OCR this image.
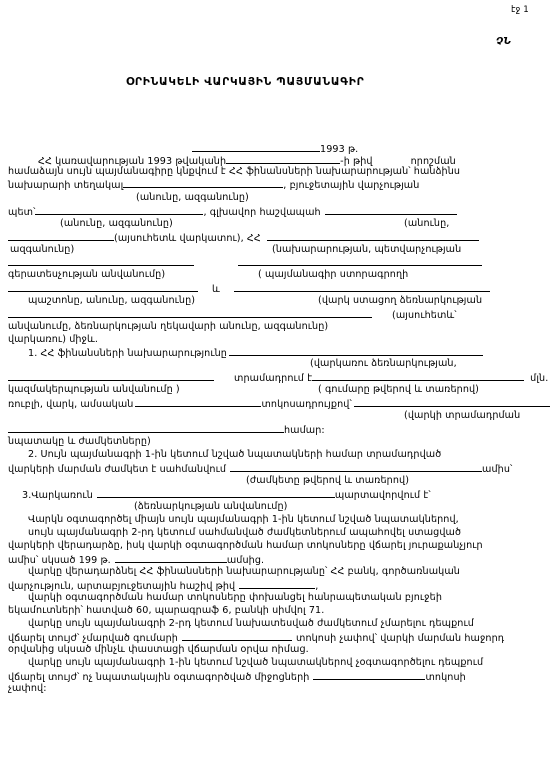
էջ 1
ՉՆ
ՕՐԻՆԱԿԵԼԻ ՎԱՐԿԱՅԻՆ ՊԱՅՄԱՆԱԳԻՐ
1993 թ.
ՀՀ կառավարության 1993 թվականի	-ի թիվ	որոշման
համաձայն սույն պայմանագիրը կնքվում է ՀՀ ֆինանսների նախարարության՝ հանձինս
նախարարի տեղակալ	, բյուջետային վարչության
(անունը, ազգանունը)
պետ՝	, գլխավոր հաշվապահ
(անունը, ազգանունը)	(անունը,
(այսուհետև վարկատու), ՀՀ
ազգանունը)	(նախարարության, պետվարչության
գերատեսչության անվանումը)	( պայմանագիր ստորագրողի
և
պաշտոնը, անունը, ազգանունը)	(վարկ ստացող ձեռնարկության
(այսուհետև՝
անվանումը, ձեռնարկության ղեկավարի անունը, ազգանունը)
վարկառու) միջև.
1. ՀՀ ֆինանսների նախարարությունը
(վարկառու ձեռնարկության,
տրամադրում է	մլն.
կազմակերպության անվանումը )	( գումարը թվերով և տառերով)
ռուբլի, վարկ, ամսական	տոկոսադրույքով՝
(վարկի տրամադրման
համար:
նպատակը և ժամկետները)
2. Սույն պայմանագրի 1-ին կետում նշված նպատակների համար տրամադրված
վարկերի մարման ժամկետ է սահմանվում	ամիս՝
(ժամկետը թվերով և տառերով)
3.Վարկառուն	պարտավորվում է՝
(ձեռնարկության անվանումը)
Վարկն օգտագործել միայն սույն պայմանագրի 1-ին կետում նշված նպատակներով,
սույն պայմանագրի 2-րդ կետում սահմանված ժամկետներում ապահովել ստացված
վարկերի վերադարձը, իսկ վարկի օգտագործման համար տոկոսները վճարել յուրաքանչյուր
ամիս՝ սկսած 199 թ.	ամսից.
վարկը վերադարձնել ՀՀ ֆինանսների նախարարությանը՝ ՀՀ բանկ, գործառնական
վարչություն, արտաբյուջետային հաշիվ թիվ	,
վարկի օգտագործման համար տոկոսները փոխանցել հանրապետական բյուջեի
եկամուտների՝ հատված 60, պարագրաֆ 6, բանկի սիմվոլ 71.
վարկը սույն պայմանագրի 2-րդ կետում նախատեսված ժամկետում չմարելու դեպքում
վճարել տույժ՝ չմարված գումարի	տոկոսի չափով՝ վարկի մարման հաջորդ
օրվանից սկսած մինչև փաստացի վճարման օրվա ոիմաց.
վարկը սույն պայմանագրի 1-ին կետում նշված նպատակներով չօգտագործելու դեպքում
վճարել տույժ՝ ոչ նպատակային օգտագործված միջոցների	տոկոսի
չափով:
